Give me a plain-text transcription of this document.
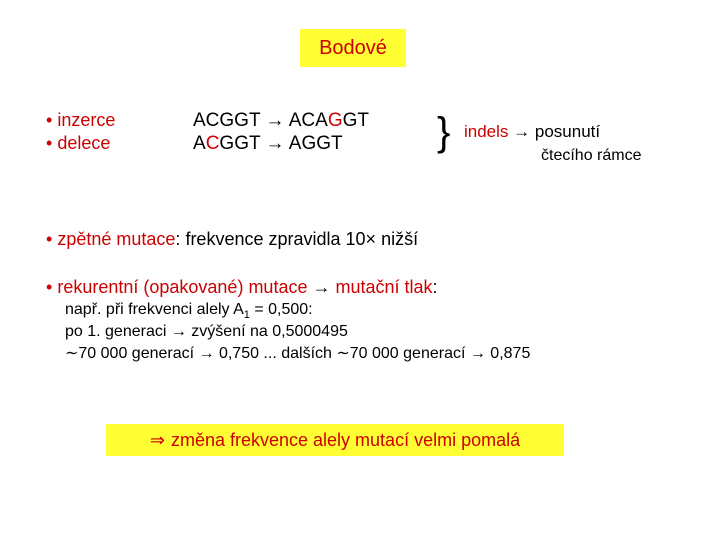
Bodové
• inzerce
• delece
ACGGT → ACAGGT
ACGGT → AGGT	} indels → posunutí
čtecího rámce
• zpětné mutace: frekvence zpravidla 10× nižší
• rekurentní (opakované) mutace → mutační tlak:
např. při frekvenci alely $A_1 = 0,500$:
po 1. generaci → zvýšení na 0,5000495
∼70 000 generací → 0,750 ... dalších ∼70 000 generací → 0,875
⇒ změna frekvence alely mutací velmi pomalá
